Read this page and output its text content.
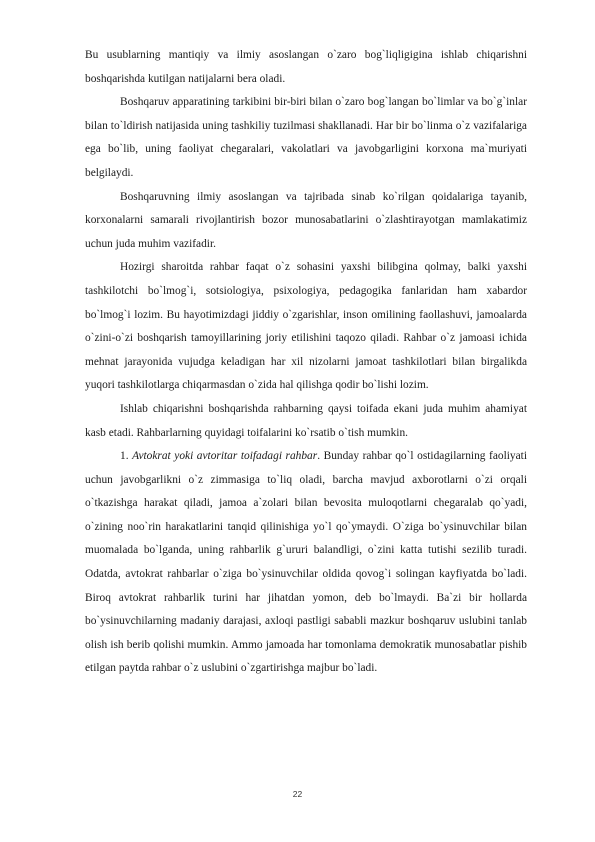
Bu usublarning mantiqiy va ilmiy asoslangan o`zaro bog`liqligigina ishlab chiqarishni boshqarishda kutilgan natijalarni bera oladi.

Boshqaruv apparatining tarkibini bir-biri bilan o`zaro bog`langan bo`limlar va bo`g`inlar bilan to`ldirish natijasida uning tashkiliy tuzilmasi shakllanadi. Har bir bo`linma o`z vazifalariga ega bo`lib, uning faoliyat chegaralari, vakolatlari va javobgarligini korxona ma`muriyati belgilaydi.

Boshqaruvning ilmiy asoslangan va tajribada sinab ko`rilgan qoidalariga tayanib, korxonalarni samarali rivojlantirish bozor munosabatlarini o`zlashtirayotgan mamlakatimiz uchun juda muhim vazifadir.

Hozirgi sharoitda rahbar faqat o`z sohasini yaxshi bilibgina qolmay, balki yaxshi tashkilotchi bo`lmog`i, sotsiologiya, psixologiya, pedagogika fanlaridan ham xabardor bo`lmog`i lozim. Bu hayotimizdagi jiddiy o`zgarishlar, inson omilining faollashuvi, jamoalarda o`zini-o`zi boshqarish tamoyillarining joriy etilishini taqozo qiladi. Rahbar o`z jamoasi ichida mehnat jarayonida vujudga keladigan har xil nizolarni jamoat tashkilotlari bilan birgalikda yuqori tashkilotlarga chiqarmasdan o`zida hal qilishga qodir bo`lishi lozim.

Ishlab chiqarishni boshqarishda rahbarning qaysi toifada ekani juda muhim ahamiyat kasb etadi. Rahbarlarning quyidagi toifalarini ko`rsatib o`tish mumkin.

1. Avtokrat yoki avtoritar toifadagi rahbar. Bunday rahbar qo`l ostidagilarning faoliyati uchun javobgarlikni o`z zimmasiga to`liq oladi, barcha mavjud axborotlarni o`zi orqali o`tkazishga harakat qiladi, jamoa a`zolari bilan bevosita muloqotlarni chegaralab qo`yadi, o`zining noo`rin harakatlarini tanqid qilinishiga yo`l qo`ymaydi. O`ziga bo`ysinuvchilar bilan muomalada bo`lganda, uning rahbarlik g`ururi balandligi, o`zini katta tutishi sezilib turadi. Odatda, avtokrat rahbarlar o`ziga bo`ysinuvchilar oldida qovog`i solingan kayfiyatda bo`ladi. Biroq avtokrat rahbarlik turini har jihatdan yomon, deb bo`lmaydi. Ba`zi bir hollarda bo`ysinuvchilarning madaniy darajasi, axloqi pastligi sababli mazkur boshqaruv uslubini tanlab olish ish berib qolishi mumkin. Ammo jamoada har tomonlama demokratik munosabatlar pishib etilgan paytda rahbar o`z uslubini o`zgartirishga majbur bo`ladi.

22
